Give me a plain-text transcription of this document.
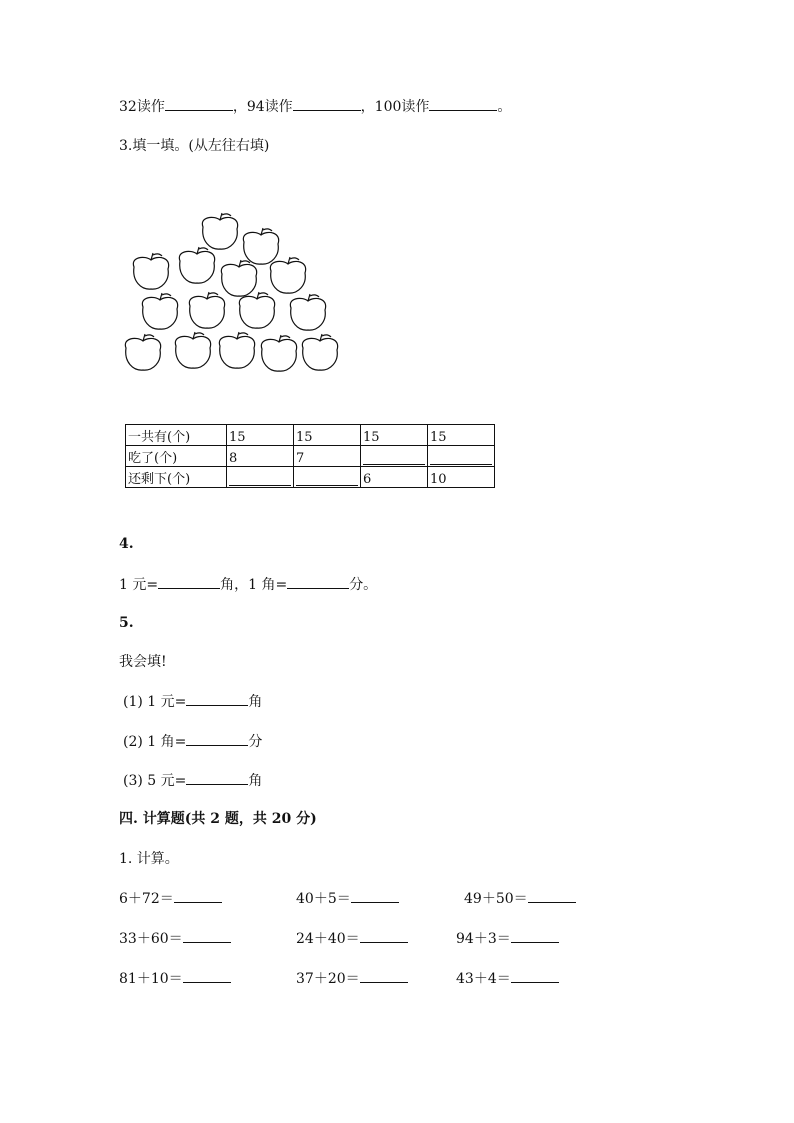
32读作	，94读作	，100读作	。
3.填一填。(从左往右填)
一共有(个)	15	15	15	15
吃了(个)	8	7	

还剩下(个)			6	10
4.
1 元=	角，1 角=	分。
5.
我会填!
(1) 1 元=	角
(2) 1 角=	分
(3) 5 元=	角
四. 计算题(共 2 题，共 20 分)
1. 计算。
6＋72＝	40＋5＝	49＋50＝
33＋60＝	24＋40＝	94＋3＝
81＋10＝	37＋20＝	43＋4＝
